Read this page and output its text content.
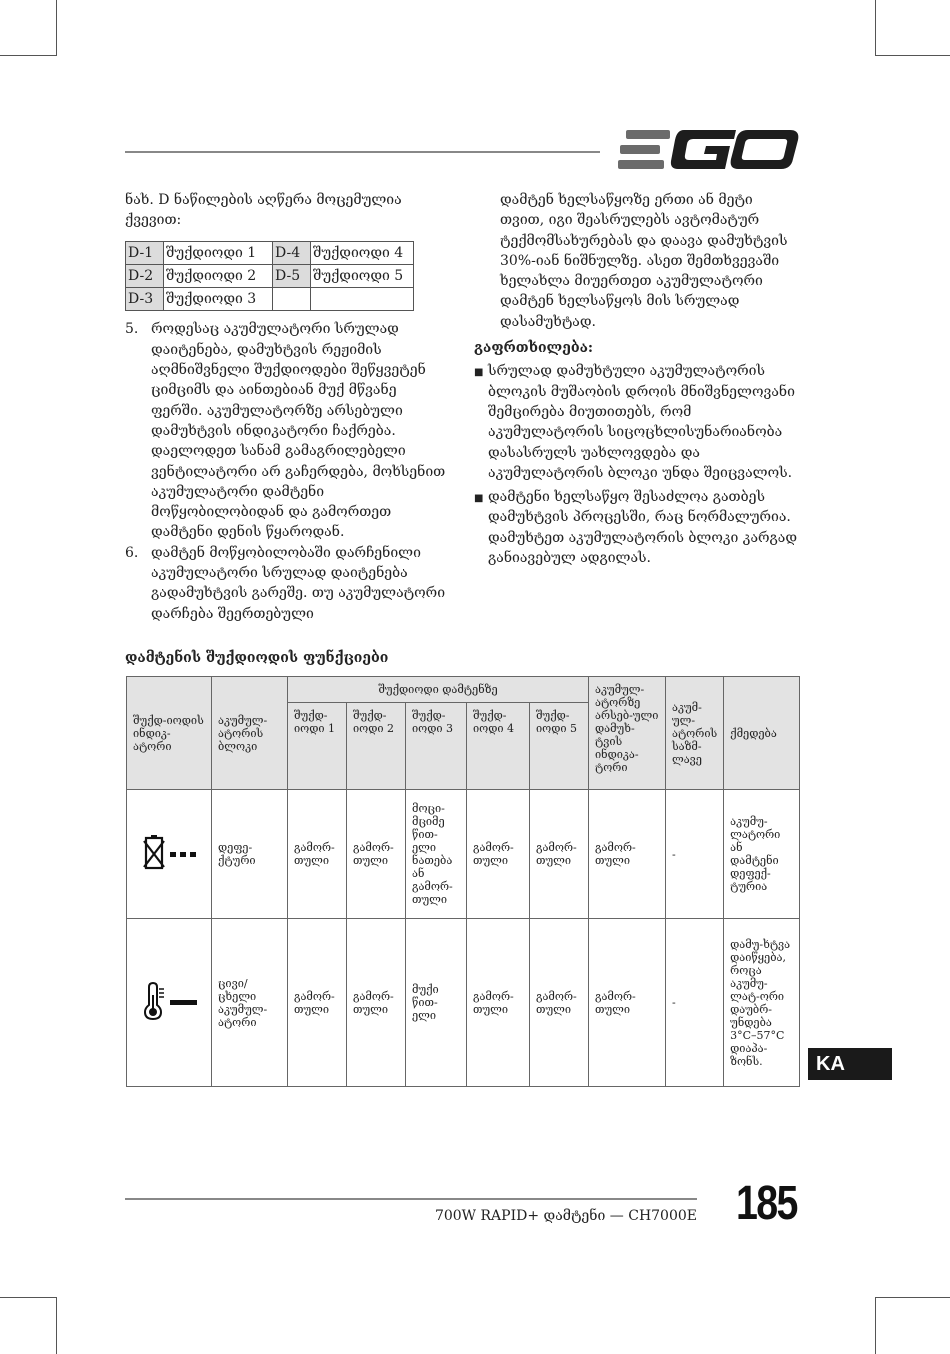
ნახ. D ნაწილების აღწერა მოცემულია ქვევით:

D-1	შუქდიოდი 1	D-4	შუქდიოდი 4
D-2	შუქდიოდი 2	D-5	შუქდიოდი 5
D-3	შუქდიოდი 3		
5. როდესაც აკუმულატორი სრულად დაიტენება, დამუხტვის რეჟიმის აღმნიშვნელი შუქდიოდები შეწყვეტენ ციმციმს და აინთებიან მუქ მწვანე ფერში. აკუმულატორზე არსებული დამუხტვის ინდიკატორი ჩაქრება. დაელოდეთ სანამ გამაგრილებელი ვენტილატორი არ გაჩერდება, მოხსენით აკუმულატორი დამტენი მოწყობილობიდან და გამორთეთ დამტენი დენის წყაროდან.
6. დამტენ მოწყობილობაში დარჩენილი აკუმულატორი სრულად დაიტენება გადამუხტვის გარეშე. თუ აკუმულატორი დარჩება შეერთებული

დამტენ ხელსაწყოზე ერთი ან მეტი თვით, იგი შეასრულებს ავტომატურ ტექმომსახურებას და დაავა დამუხტვის 30%-იან ნიშნულზე. ასეთ შემთხვევაში ხელახლა მიუერთეთ აკუმულატორი დამტენ ხელსაწყოს მის სრულად დასამუხტად.

გაფრთხილება:

■ სრულად დამუხტული აკუმულატორის ბლოკის მუშაობის დროის მნიშვნელოვანი შემცირება მიუთითებს, რომ აკუმულატორის სიცოცხლისუნარიანობა დასასრულს უახლოვდება და აკუმულატორის ბლოკი უნდა შეიცვალოს.
■ დამტენი ხელსაწყო შესაძლოა გათბეს დამუხტვის პროცესში, რაც ნორმალურია. დამუხტეთ აკუმულატორის ბლოკი კარგად განიავებულ ადგილას.
დამტენის შუქდიოდის ფუნქციები
შუქდ-იოდის ინდიკ-ატორი	აკუმულ-ატორის ბლოკი	შუქდიოდი დამტენზე					აკუმულ-ატორზე არსებ-ული დამუხ-ტვის ინდიკა-ტორი	აკუმ-ულ-ატორის საზმ-ლავე	ქმედება
		შუქდ-იოდი 1	შუქდ-იოდი 2	შუქდ-იოდი 3	შუქდ-იოდი 4	შუქდ-იოდი 5			
	დეფე-ქტური	გამორ-თული	გამორ-თული	მოცი-მციმე წით-ელი ნათება ან გამორ-თული	გამორ-თული	გამორ-თული	გამორ-თული	-	აკუმუ-ლატორი ან დამტენი დეფექ-ტურია
	ცივი/ ცხელი აკუმულ-ატორი	გამორ-თული	გამორ-თული	მუქი წით-ელი	გამორ-თული	გამორ-თული	გამორ-თული	-	დამუ-ხტვა დაიწყება, როცა აკუმუ-ლატ-ორი დაუბრ-უნდება 3°C–57°C დიაპა-ზონს.	KA
700W RAPID+ დამტენი — CH7000E 185
